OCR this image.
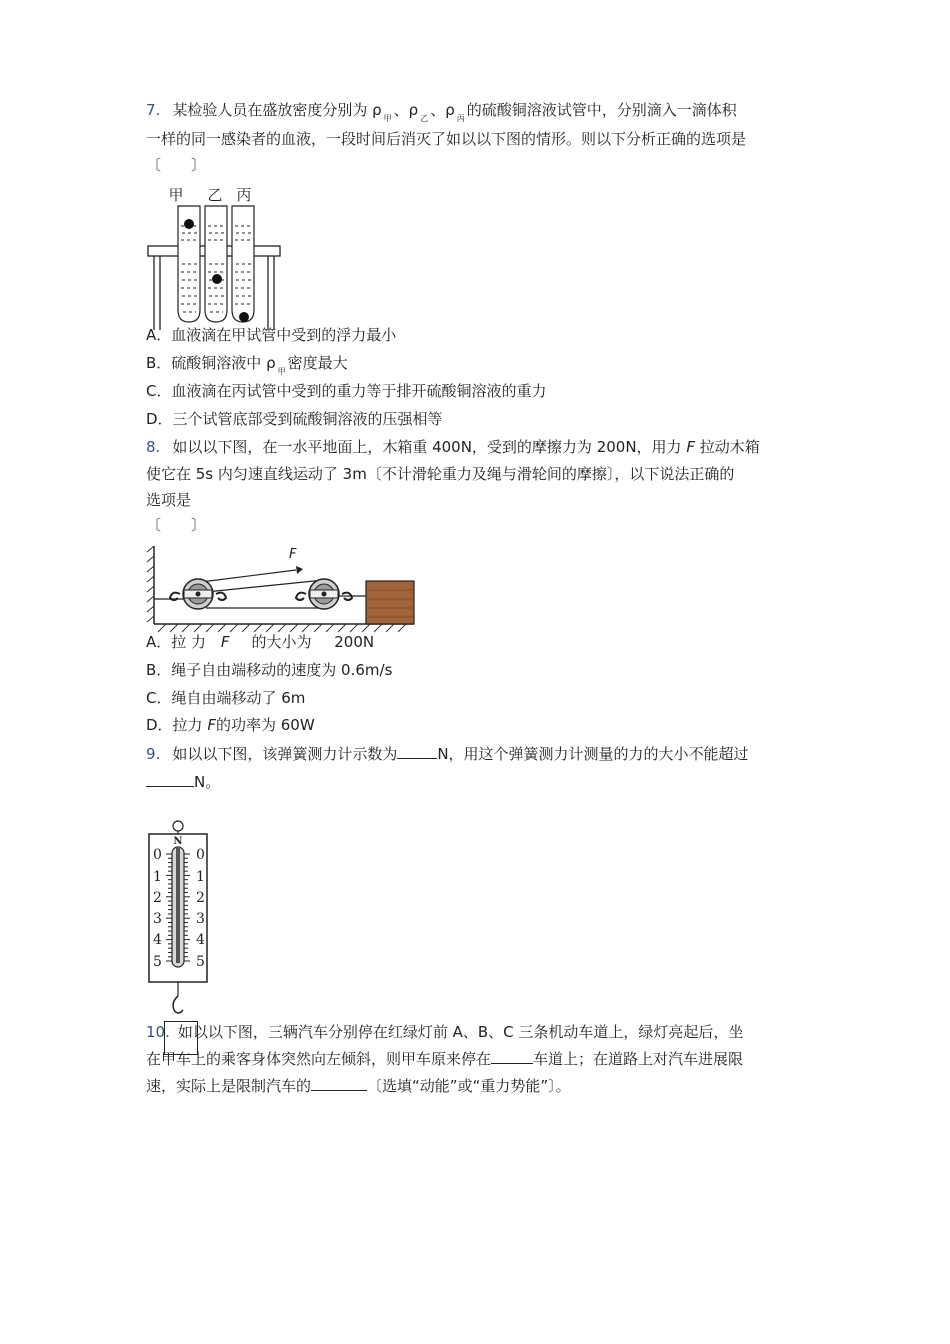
7. 某检验人员在盛放密度分别为 ρ $_甲$ 、ρ $_乙$ 、ρ $_丙$ 的硫酸铜溶液试管中，分别滴入一滴体积
一样的同一感染者的血液，一段时间后消灭了如以以下图的情形。则以下分析正确的选项是
〔　　〕
甲 乙 丙
A．血液滴在甲试管中受到的浮力最小
B．硫酸铜溶液中 ρ $_甲$ 密度最大
C．血液滴在丙试管中受到的重力等于排开硫酸铜溶液的重力
D．三个试管底部受到硫酸铜溶液的压强相等
8. 如以以下图，在一水平地面上，木箱重 400N，受到的摩擦力为 200N，用力 F 拉动木箱
使它在 5s 内匀速直线运动了 3m〔不计滑轮重力及绳与滑轮间的摩擦〕，以下说法正确的
选项是
〔　　〕
F
A．拉 力 F 的大小为 200N
B．绳子自由端移动的速度为 0.6m/s
C．绳自由端移动了 6m
D．拉力 F的功率为 60W
9. 如以以下图，该弹簧测力计示数为	N，用这个弹簧测力计测量的力的大小不能超过
N。
N
0
1
2
3
4
5
0
1
2
3
4
5
10. 如以以下图，三辆汽车分别停在红绿灯前 A、B、C 三条机动车道上，绿灯亮起后，坐
在甲车上的乘客身体突然向左倾斜，则甲车原来停在	车道上；在道路上对汽车进展限
速，实际上是限制汽车的	〔选填“动能”或“重力势能”〕。
